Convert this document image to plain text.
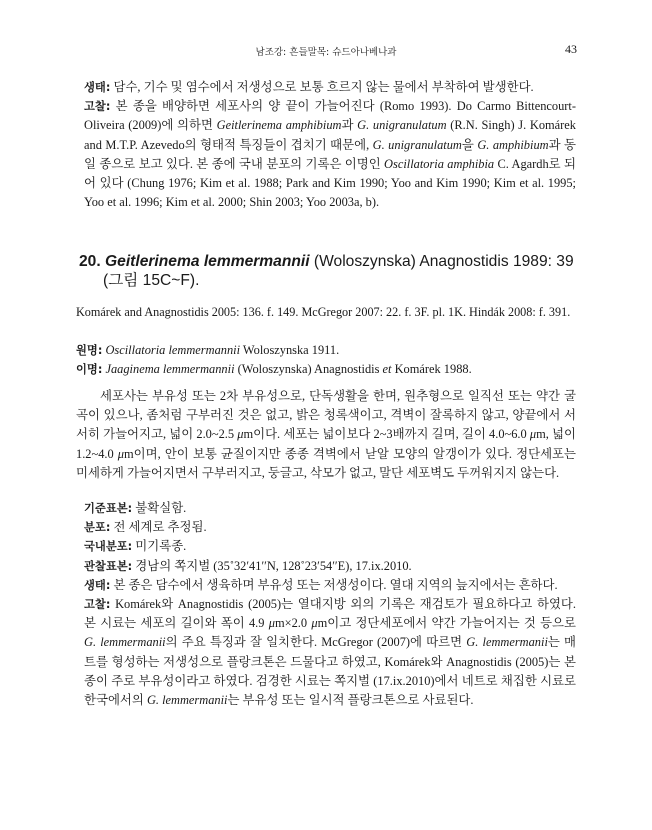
남조강: 흔들말목: 슈드아나베나과	43
생태: 담수, 기수 및 염수에서 저생성으로 보통 흐르지 않는 물에서 부착하여 발생한다.
고찰: 본 종을 배양하면 세포사의 양 끝이 가늘어진다 (Romo 1993). Do Carmo Bittencourt-Oliveira (2009)에 의하면 Geitlerinema amphibium과 G. unigranulatum (R.N. Singh) J. Komárek and M.T.P. Azevedo의 형태적 특징들이 겹치기 때문에, G. unigranulatum을 G. amphibium과 동일 종으로 보고 있다. 본 종에 국내 분포의 기록은 이명인 Oscillatoria amphibia C. Agardh로 되어 있다 (Chung 1976; Kim et al. 1988; Park and Kim 1990; Yoo and Kim 1990; Kim et al. 1995; Yoo et al. 1996; Kim et al. 2000; Shin 2003; Yoo 2003a, b).
20. Geitlerinema lemmermannii (Woloszynska) Anagnostidis 1989: 39
(그림 15C~F).
Komárek and Anagnostidis 2005: 136. f. 149. McGregor 2007: 22. f. 3F. pl. 1K. Hindák 2008: f. 391.
원명: Oscillatoria lemmermannii Woloszynska 1911.
이명: Jaaginema lemmermannii (Woloszynska) Anagnostidis et Komárek 1988.
세포사는 부유성 또는 2차 부유성으로, 단독생활을 한며, 원추형으로 일직선 또는 약간 굴곡이 있으나, 좀처럼 구부러진 것은 없고, 밝은 청록색이고, 격벽이 잘록하지 않고, 양끝에서 서서히 가늘어지고, 넓이 2.0~2.5 μm이다. 세포는 넓이보다 2~3배까지 길며, 길이 4.0~6.0 μm, 넓이 1.2~4.0 μm이며, 안이 보통 균질이지만 종종 격벽에서 낟알 모양의 알갱이가 있다. 정단세포는 미세하게 가늘어지면서 구부러지고, 둥글고, 삭모가 없고, 말단 세포벽도 두꺼워지지 않는다.
기준표본: 불확실함.
분포: 전 세계로 추정됨.
국내분포: 미기록종.
관찰표본: 경남의 쪽지벌 (35˚32′41′′N, 128˚23′54′′E), 17.ix.2010.
생태: 본 종은 담수에서 생육하며 부유성 또는 저생성이다. 열대 지역의 늪지에서는 흔하다.
고찰: Komárek와 Anagnostidis (2005)는 열대지방 외의 기록은 재검토가 필요하다고 하였다. 본 시료는 세포의 길이와 폭이 4.9 μm×2.0 μm이고 정단세포에서 약간 가늘어지는 것 등으로 G. lemmermanii의 주요 특징과 잘 일치한다. McGregor (2007)에 따르면 G. lemmermanii는 매트를 형성하는 저생성으로 플랑크톤은 드물다고 하였고, Komárek와 Anagnostidis (2005)는 본 종이 주로 부유성이라고 하였다. 검경한 시료는 쪽지벌 (17.ix.2010)에서 네트로 채집한 시료로 한국에서의 G. lemmermanii는 부유성 또는 일시적 플랑크톤으로 사료된다.
